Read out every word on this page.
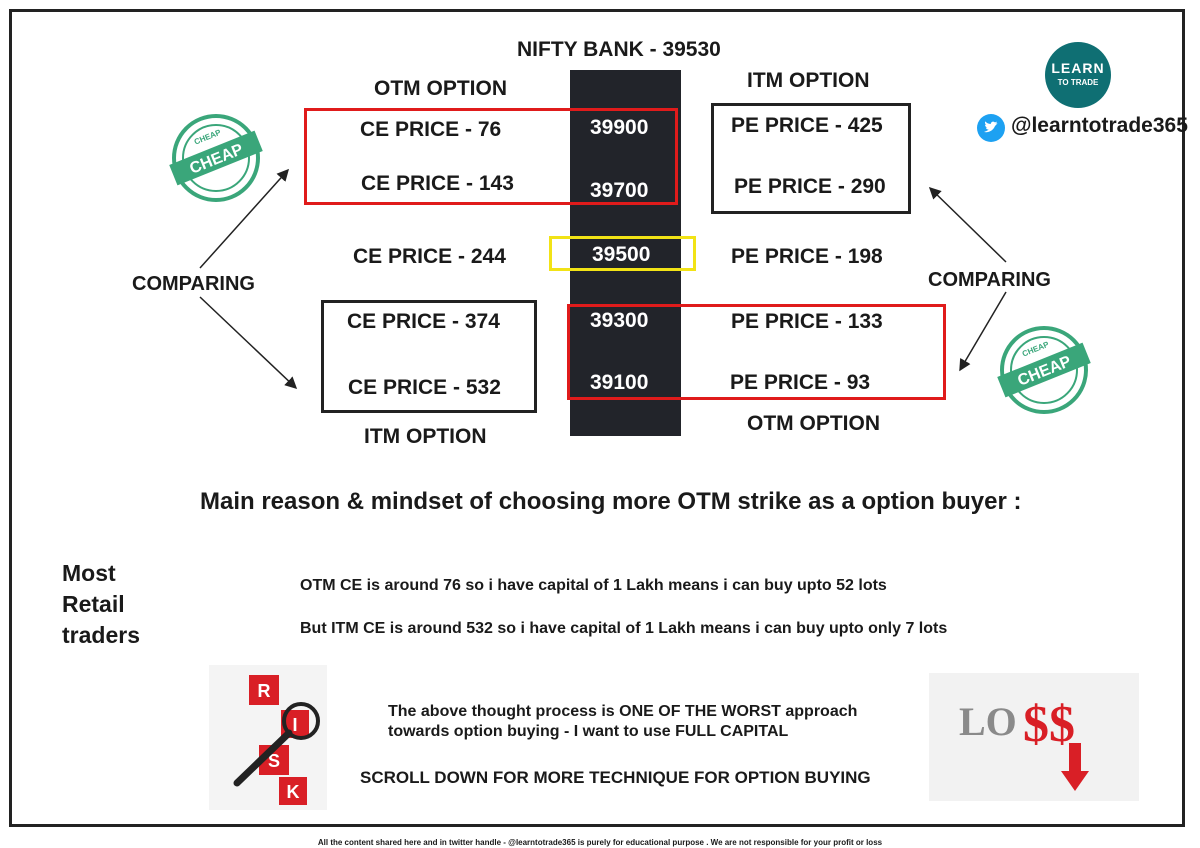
NIFTY BANK - 39530
39900
39700
39500
39300
39100
OTM OPTION	ITM OPTION
ITM OPTION
OTM OPTION
CE PRICE - 76
CE PRICE - 143
CE PRICE - 244
CE PRICE - 374
CE PRICE - 532
PE PRICE - 425
PE PRICE - 290
PE PRICE - 198
PE PRICE - 133
PE PRICE - 93
COMPARING	COMPARING
CHEAP
CHEAP
CHEAP
CHEAP
LEARN
TO TRADE
@learntotrade365
Main reason & mindset of choosing more OTM strike as a option buyer :
Most
Retail
traders
OTM CE is around 76 so i have capital of 1 Lakh means i can buy upto 52 lots
But ITM CE is around 532 so i have capital of 1 Lakh means i can buy upto only 7 lots
R
I
S
K
The above thought process is ONE OF THE WORST approach
towards option buying - I want to use FULL CAPITAL
SCROLL DOWN FOR MORE TECHNIQUE FOR OPTION BUYING
LO $$
All the content shared here and in twitter handle - @learntotrade365 is purely for educational purpose . We are not responsible for your profit or loss
